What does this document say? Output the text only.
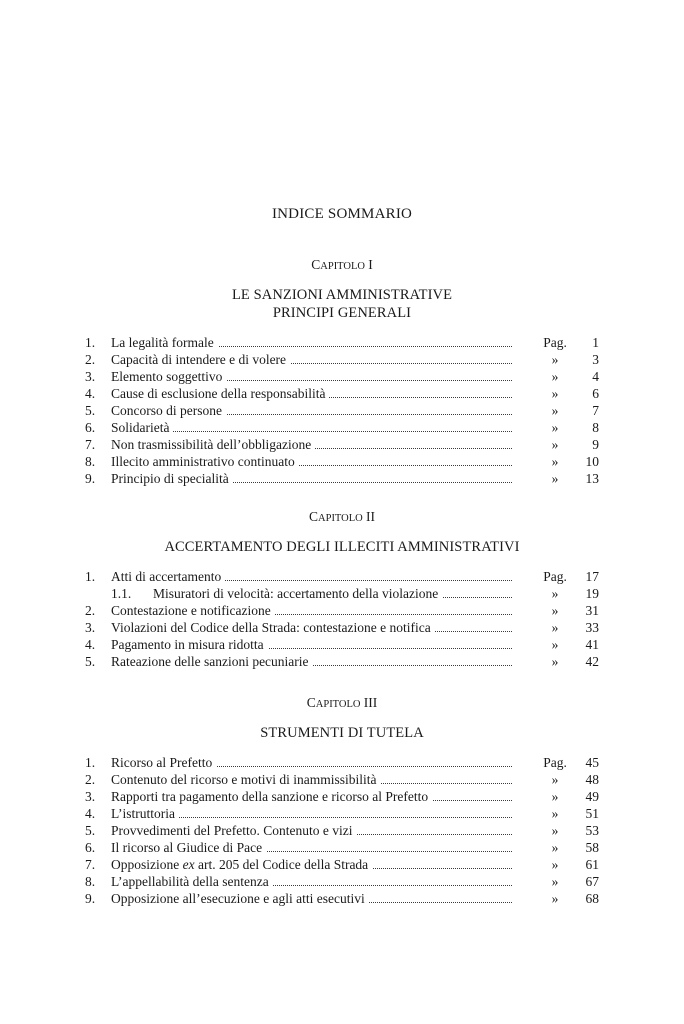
INDICE SOMMARIO
CAPITOLO I
LE SANZIONI AMMINISTRATIVE
PRINCIPI GENERALI
1. La legalità formale	Pag.	1
2. Capacità di intendere e di volere	»	3
3. Elemento soggettivo	»	4
4. Cause di esclusione della responsabilità	»	6
5. Concorso di persone	»	7
6. Solidarietà	»	8
7. Non trasmissibilità dell’obbligazione	»	9
8. Illecito amministrativo continuato	»	10
9. Principio di specialità	»	13
CAPITOLO II
ACCERTAMENTO DEGLI ILLECITI AMMINISTRATIVI
1. Atti di accertamento	Pag.	17
1.1. Misuratori di velocità: accertamento della violazione	»	19
2. Contestazione e notificazione	»	31
3. Violazioni del Codice della Strada: contestazione e notifica	»	33
4. Pagamento in misura ridotta	»	41
5. Rateazione delle sanzioni pecuniarie	»	42
CAPITOLO III
STRUMENTI DI TUTELA
1. Ricorso al Prefetto	Pag.	45
2. Contenuto del ricorso e motivi di inammissibilità	»	48
3. Rapporti tra pagamento della sanzione e ricorso al Prefetto	»	49
4. L’istruttoria	»	51
5. Provvedimenti del Prefetto. Contenuto e vizi	»	53
6. Il ricorso al Giudice di Pace	»	58
7. Opposizione ex art. 205 del Codice della Strada	»	61
8. L’appellabilità della sentenza	»	67
9. Opposizione all’esecuzione e agli atti esecutivi	»	68
